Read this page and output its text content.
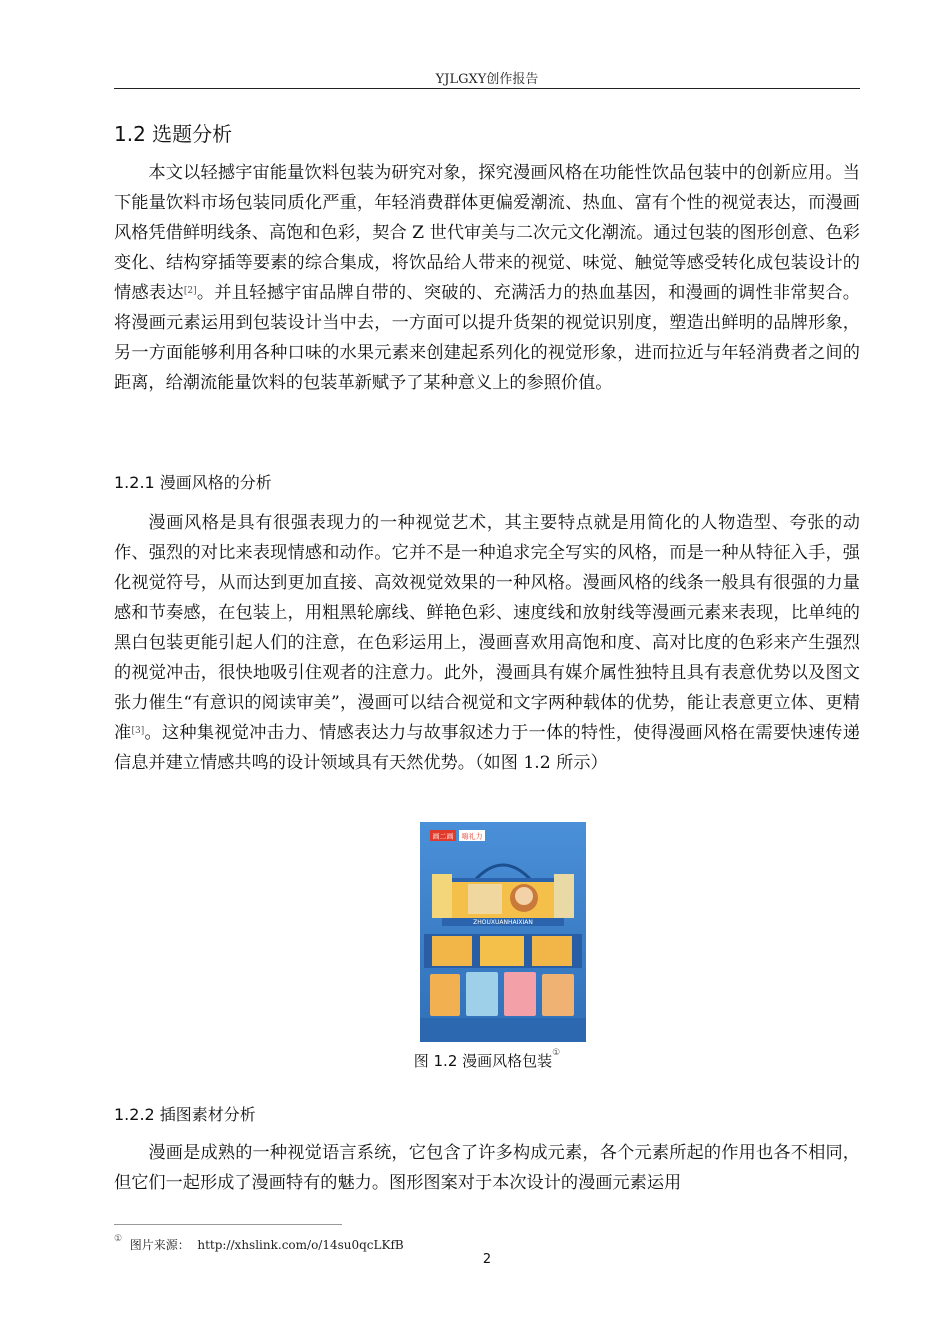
YJLGXY创作报告
1.2 选题分析

本文以轻撼宇宙能量饮料包装为研究对象，探究漫画风格在功能性饮品包装中的创新应用。当下能量饮料市场包装同质化严重，年轻消费群体更偏爱潮流、热血、富有个性的视觉表达，而漫画风格凭借鲜明线条、高饱和色彩，契合 Z 世代审美与二次元文化潮流。通过包装的图形创意、色彩变化、结构穿插等要素的综合集成，将饮品给人带来的视觉、味觉、触觉等感受转化成包装设计的情感表达[2]。并且轻撼宇宙品牌自带的、突破的、充满活力的热血基因，和漫画的调性非常契合。将漫画元素运用到包装设计当中去，一方面可以提升货架的视觉识别度，塑造出鲜明的品牌形象，另一方面能够利用各种口味的水果元素来创建起系列化的视觉形象，进而拉近与年轻消费者之间的距离，给潮流能量饮料的包装革新赋予了某种意义上的参照价值。

1.2.1 漫画风格的分析

漫画风格是具有很强表现力的一种视觉艺术，其主要特点就是用简化的人物造型、夸张的动作、强烈的对比来表现情感和动作。它并不是一种追求完全写实的风格，而是一种从特征入手，强化视觉符号，从而达到更加直接、高效视觉效果的一种风格。漫画风格的线条一般具有很强的力量感和节奏感，在包装上，用粗黑轮廓线、鲜艳色彩、速度线和放射线等漫画元素来表现，比单纯的黑白包装更能引起人们的注意，在色彩运用上，漫画喜欢用高饱和度、高对比度的色彩来产生强烈的视觉冲击，很快地吸引住观者的注意力。此外，漫画具有媒介属性独特且具有表意优势以及图文张力催生“有意识的阅读审美”，漫画可以结合视觉和文字两种载体的优势，能让表意更立体、更精准[3]。这种集视觉冲击力、情感表达力与故事叙述力于一体的特性，使得漫画风格在需要快速传递信息并建立情感共鸣的设计领域具有天然优势。（如图 1.2 所示）

画二画 嗨礼力
ZHOUXUANHAIXIAN
图 1.2 漫画风格包装①
1.2.2 插图素材分析

漫画是成熟的一种视觉语言系统，它包含了许多构成元素，各个元素所起的作用也各不相同，但它们一起形成了漫画特有的魅力。图形图案对于本次设计的漫画元素运用

① 图片来源： http://xhslink.com/o/14su0qcLKfB
2
